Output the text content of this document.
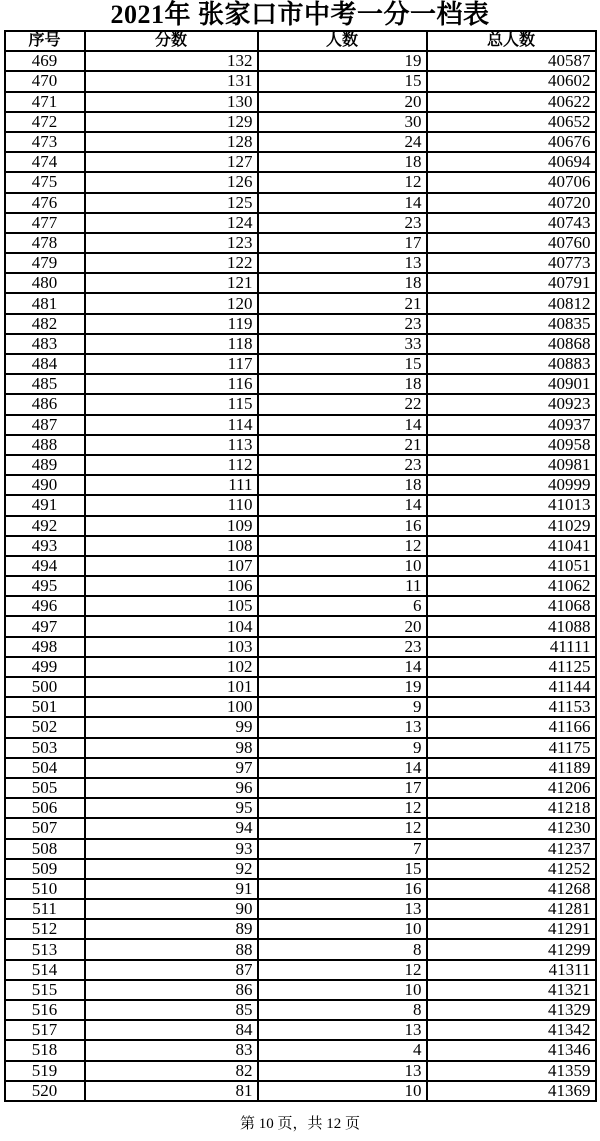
2021年 张家口市中考一分一档表
序号	分数	人数	总人数
469	132	19	40587
470	131	15	40602
471	130	20	40622
472	129	30	40652
473	128	24	40676
474	127	18	40694
475	126	12	40706
476	125	14	40720
477	124	23	40743
478	123	17	40760
479	122	13	40773
480	121	18	40791
481	120	21	40812
482	119	23	40835
483	118	33	40868
484	117	15	40883
485	116	18	40901
486	115	22	40923
487	114	14	40937
488	113	21	40958
489	112	23	40981
490	111	18	40999
491	110	14	41013
492	109	16	41029
493	108	12	41041
494	107	10	41051
495	106	11	41062
496	105	6	41068
497	104	20	41088
498	103	23	41111
499	102	14	41125
500	101	19	41144
501	100	9	41153
502	99	13	41166
503	98	9	41175
504	97	14	41189
505	96	17	41206
506	95	12	41218
507	94	12	41230
508	93	7	41237
509	92	15	41252
510	91	16	41268
511	90	13	41281
512	89	10	41291
513	88	8	41299
514	87	12	41311
515	86	10	41321
516	85	8	41329
517	84	13	41342
518	83	4	41346
519	82	13	41359
520	81	10	41369
第 10 页，共 12 页
